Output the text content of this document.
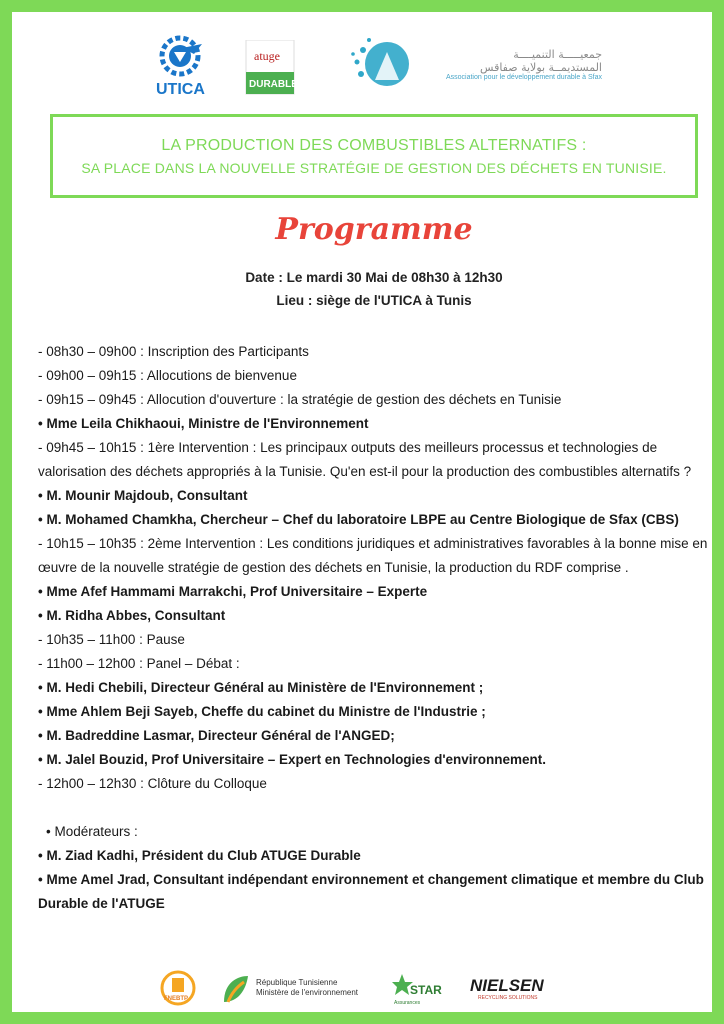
UTICA
atuge
DURABLE
جمعيـــــة التنميــــة
المستديمــة بولاية صفاقس
Association pour le développement durable à Sfax
LA PRODUCTION DES COMBUSTIBLES ALTERNATIFS :
SA PLACE DANS LA NOUVELLE STRATÉGIE DE GESTION DES DÉCHETS EN TUNISIE.
Programme
Date : Le mardi 30 Mai de 08h30 à 12h30
Lieu : siège de l'UTICA à Tunis
- 08h30 – 09h00 : Inscription des Participants
- 09h00 – 09h15 : Allocutions de bienvenue
- 09h15 – 09h45 : Allocution d'ouverture : la stratégie de gestion des déchets en Tunisie
• Mme Leila Chikhaoui, Ministre de l'Environnement
- 09h45 – 10h15 : 1ère Intervention : Les principaux outputs des meilleurs processus et technologies de valorisation des déchets appropriés à la Tunisie. Qu'en est-il pour la production des combustibles alternatifs ?
• M. Mounir Majdoub, Consultant
• M. Mohamed Chamkha, Chercheur – Chef du laboratoire LBPE au Centre Biologique de Sfax (CBS)
- 10h15 – 10h35 : 2ème Intervention : Les conditions juridiques et administratives favorables à la bonne mise en œuvre de la nouvelle stratégie de gestion des déchets en Tunisie, la production du RDF comprise .
• Mme Afef Hammami Marrakchi, Prof Universitaire – Experte
• M. Ridha Abbes, Consultant
- 10h35 – 11h00 : Pause
- 11h00 – 12h00 : Panel – Débat :
• M. Hedi Chebili, Directeur Général au Ministère de l'Environnement ;
• Mme Ahlem Beji Sayeb, Cheffe du cabinet du Ministre de l'Industrie ;
• M. Badreddine Lasmar, Directeur Général de l'ANGED;
• M. Jalel Bouzid, Prof Universitaire – Expert en Technologies d'environnement.
- 12h00 – 12h30 : Clôture du Colloque
• Modérateurs :
• M. Ziad Kadhi, Président du Club ATUGE Durable
• Mme Amel Jrad, Consultant indépendant environnement et changement climatique et membre du Club Durable de l'ATUGE
FNEBTP
République Tunisienne
Ministère de l'environnement	STAR
Assurances
NIELSEN
RECYCLING SOLUTIONS
